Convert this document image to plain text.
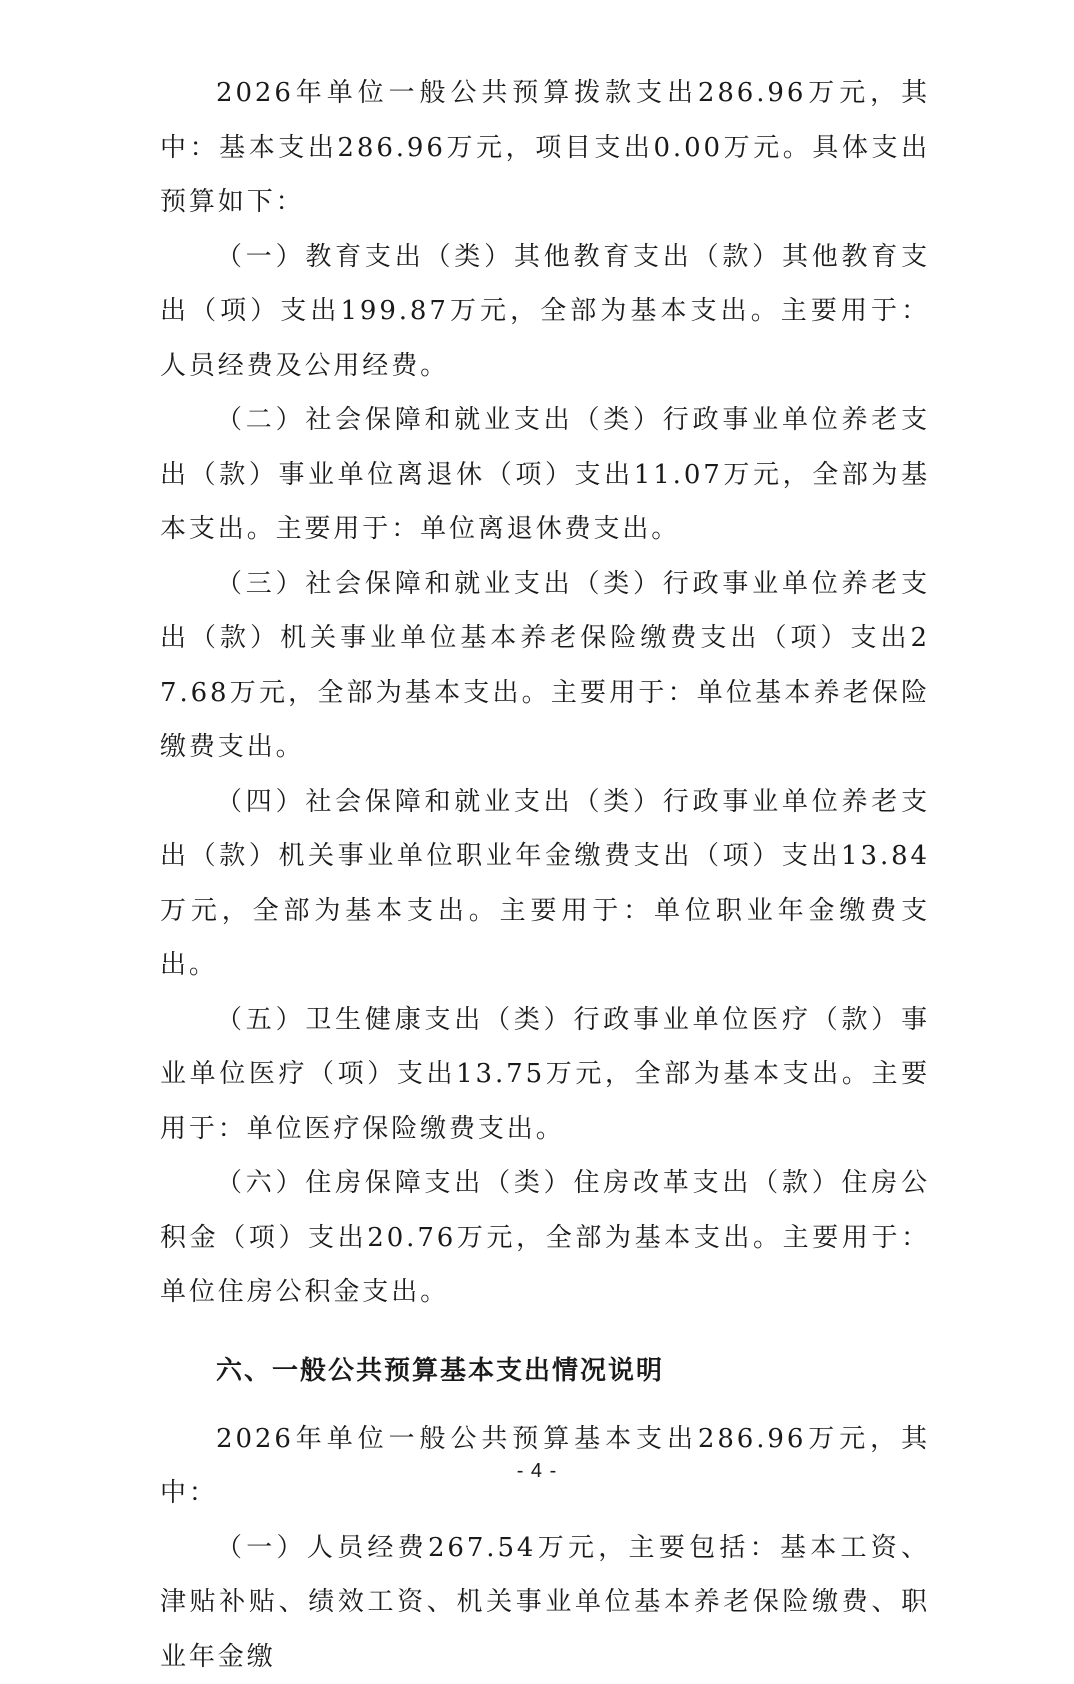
2026年单位一般公共预算拨款支出286.96万元，其中：基本支出286.96万元，项目支出0.00万元。具体支出预算如下：

（一）教育支出（类）其他教育支出（款）其他教育支出（项）支出199.87万元，全部为基本支出。主要用于：人员经费及公用经费。

（二）社会保障和就业支出（类）行政事业单位养老支出（款）事业单位离退休（项）支出11.07万元，全部为基本支出。主要用于：单位离退休费支出。

（三）社会保障和就业支出（类）行政事业单位养老支出（款）机关事业单位基本养老保险缴费支出（项）支出27.68万元，全部为基本支出。主要用于：单位基本养老保险缴费支出。

（四）社会保障和就业支出（类）行政事业单位养老支出（款）机关事业单位职业年金缴费支出（项）支出13.84万元，全部为基本支出。主要用于：单位职业年金缴费支出。

（五）卫生健康支出（类）行政事业单位医疗（款）事业单位医疗（项）支出13.75万元，全部为基本支出。主要用于：单位医疗保险缴费支出。

（六）住房保障支出（类）住房改革支出（款）住房公积金（项）支出20.76万元，全部为基本支出。主要用于：单位住房公积金支出。

六、一般公共预算基本支出情况说明

2026年单位一般公共预算基本支出286.96万元，其中：

（一）人员经费267.54万元，主要包括：基本工资、津贴补贴、绩效工资、机关事业单位基本养老保险缴费、职业年金缴

- 4 -
